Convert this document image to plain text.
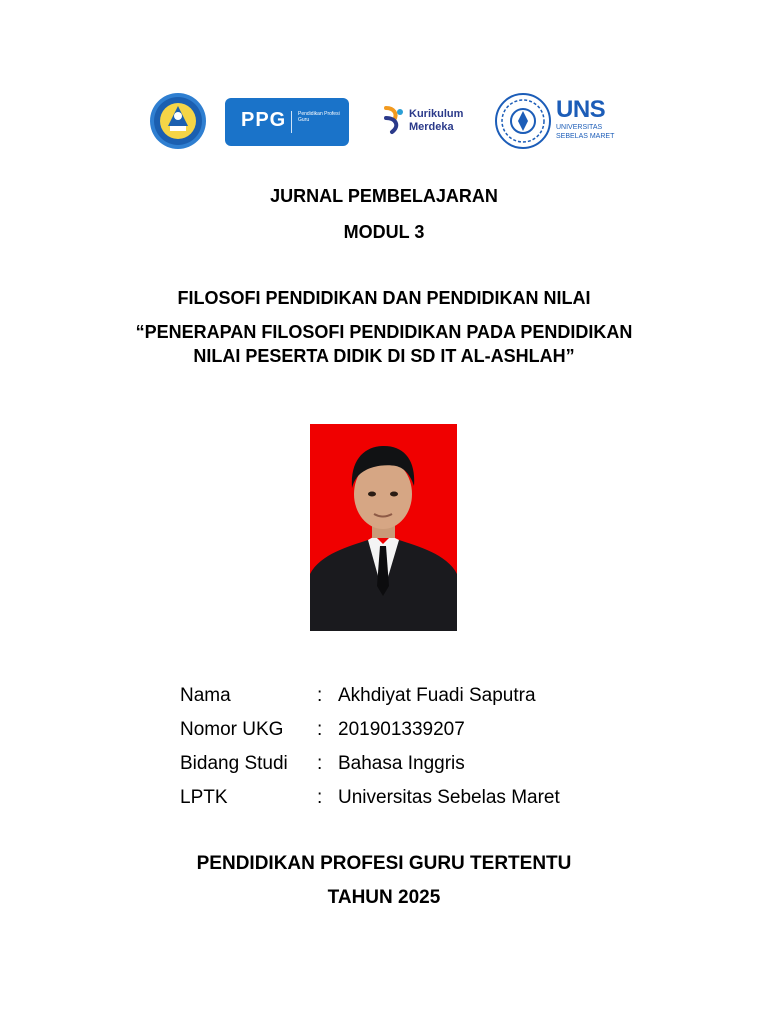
PPG Pendidikan Profesi Guru	Kurikulum
Merdeka
UNS
UNIVERSITAS
SEBELAS MARET
JURNAL PEMBELAJARAN
MODUL 3
FILOSOFI PENDIDIKAN DAN PENDIDIKAN NILAI
“PENERAPAN FILOSOFI PENDIDIKAN PADA PENDIDIKAN
NILAI PESERTA DIDIK DI SD IT AL-ASHLAH”
Nama	: Akhdiyat Fuadi Saputra
Nomor UKG : 201901339207
Bidang Studi : Bahasa Inggris
LPTK	: Universitas Sebelas Maret
PENDIDIKAN PROFESI GURU TERTENTU
TAHUN 2025
